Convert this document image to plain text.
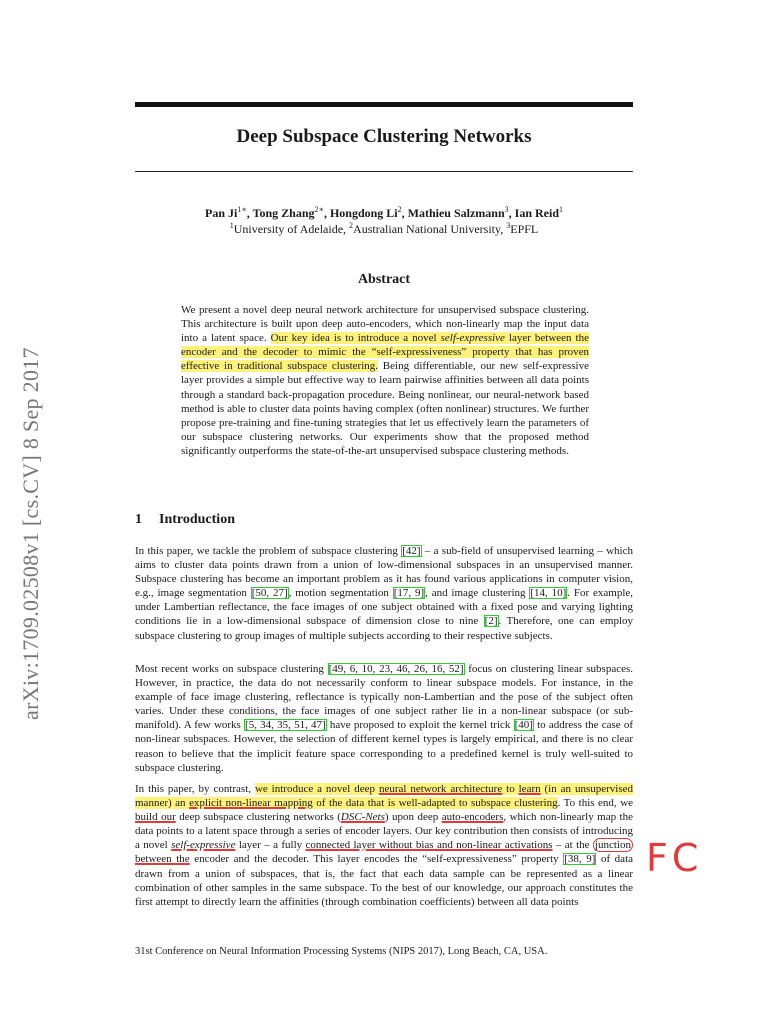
arXiv:1709.02508v1 [cs.CV] 8 Sep 2017
Deep Subspace Clustering Networks
Pan $Ji^{1∗}$, Tong Zhang$^{2∗}$, Hongdong Li$^2$, Mathieu Salzmann$^3$, Ian Reid$^1$
$^1$University of Adelaide, $^2$Australian National University, $^3$EPFL
Abstract
We present a novel deep neural network architecture for unsupervised subspace clustering. This architecture is built upon deep auto-encoders, which non-linearly map the input data into a latent space. Our key idea is to introduce a novel self-expressive layer between the encoder and the decoder to mimic the “self-expressiveness” property that has proven effective in traditional subspace clustering. Being differentiable, our new self-expressive layer provides a simple but effective way to learn pairwise affinities between all data points through a standard back-propagation procedure. Being nonlinear, our neural-network based method is able to cluster data points having complex (often nonlinear) structures. We further propose pre-training and fine-tuning strategies that let us effectively learn the parameters of our subspace clustering networks. Our experiments show that the proposed method significantly outperforms the state-of-the-art unsupervised subspace clustering methods.
1 Introduction
In this paper, we tackle the problem of subspace clustering [42] – a sub-field of unsupervised learning – which aims to cluster data points drawn from a union of low-dimensional subspaces in an unsupervised manner. Subspace clustering has become an important problem as it has found various applications in computer vision, e.g., image segmentation [50, 27], motion segmentation [17, 9], and image clustering [14, 10]. For example, under Lambertian reflectance, the face images of one subject obtained with a fixed pose and varying lighting conditions lie in a low-dimensional subspace of dimension close to nine [2]. Therefore, one can employ subspace clustering to group images of multiple subjects according to their respective subjects.
Most recent works on subspace clustering [49, 6, 10, 23, 46, 26, 16, 52] focus on clustering linear subspaces. However, in practice, the data do not necessarily conform to linear subspace models. For instance, in the example of face image clustering, reflectance is typically non-Lambertian and the pose of the subject often varies. Under these conditions, the face images of one subject rather lie in a non-linear subspace (or sub-manifold). A few works [5, 34, 35, 51, 47] have proposed to exploit the kernel trick [40] to address the case of non-linear subspaces. However, the selection of different kernel types is largely empirical, and there is no clear reason to believe that the implicit feature space corresponding to a predefined kernel is truly well-suited to subspace clustering.
In this paper, by contrast, we introduce a novel deep neural network architecture to learn (in an unsupervised manner) an explicit non-linear mapping of the data that is well-adapted to subspace clustering. To this end, we build our deep subspace clustering networks (DSC-Nets) upon deep auto-encoders, which non-linearly map the data points to a latent space through a series of encoder layers. Our key contribution then consists of introducing a novel self-expressive layer – a fully connected layer without bias and non-linear activations – at the junction between the encoder and the decoder. This layer encodes the “self-expressiveness” property [38, 9] of data drawn from a union of subspaces, that is, the fact that each data sample can be represented as a linear combination of other samples in the same subspace. To the best of our knowledge, our approach constitutes the first attempt to directly learn the affinities (through combination coefficients) between all data points
FC
31st Conference on Neural Information Processing Systems (NIPS 2017), Long Beach, CA, USA.
